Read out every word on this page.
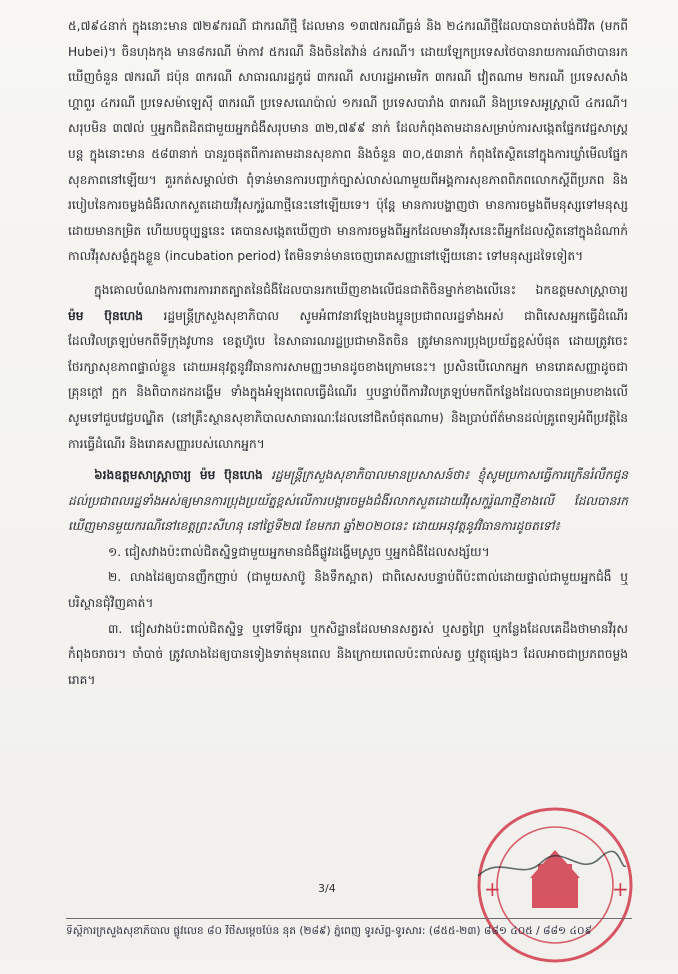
៥,៧៩៤នាក់ ក្នុងនោះមាន ៧២៩ករណី ជាករណីថ្មី ដែលមាន ១៣៧ករណីធ្ងន់ និង ២៤ករណីថ្មីដែលបានបាត់បង់ជីវិត (មកពី Hubei)។ ចិនហុងកុង មាន៨ករណី ម៉ាកាវ ៥ករណី និងចិនតៃវ៉ាន់ ៤ករណី។ ដោយឡែកប្រទេសថៃបានរាយការណ៍ថាបានរកឃើញចំនួន ៧ករណី ជប៉ុន ៣ករណី សាធារណរដ្ឋកូរ៉េ ៣ករណី សហរដ្ឋអាមេរិក ៣ករណី វៀតណាម ២ករណី ប្រទេសសាំងហ្គាពួរ ៤ករណី ប្រទេសម៉ាឡេស៊ី ៣ករណី ប្រទេសណេប៉ាល់ ១ករណី ប្រទេសបារាំង ៣ករណី និងប្រទេសអូស្ត្រាលី ៤ករណី។ សរុបមិន ៣៧ល់ ឬអ្នកជិតដិតជាមួយអ្នកជំងឺសរុបមាន ៣២,៧៩៩ នាក់ ដែលកំពុងតាមដានសម្រាប់ការសង្កេតផ្នែកវេជ្ជសាស្ត្របន្ត ក្នុងនោះមាន ៥៨៣នាក់ បានរួចផុតពីការតាមដានសុខភាព និងចំនួន ៣០,៥៣នាក់ កំពុងតែស្ថិតនៅក្នុងការឃ្លាំមើលផ្នែកសុខភាពនៅឡើយ។ គួរកត់សម្គាល់ថា ពុំទាន់មានការបញ្ជាក់ច្បាស់លាស់ណាមួយពីអង្គការសុខភាពពិភពលោកស្ដីពីប្រភព និងរបៀបនៃការចម្លងជំងឺរលាកសួតដោយវីរុសកូរ៉ូណាថ្មីនេះនៅឡើយទេ។ ប៉ុន្តែ មានការបង្ហាញថា មានការចម្លងពីមនុស្សទៅមនុស្សដោយមានកម្រិត ហើយបច្ចុប្បន្ននេះ គេបានសង្កេតឃើញថា មានការចម្លងពីអ្នកដែលមានវីរុសនេះពីអ្នកដែលស្ថិតនៅក្នុងដំណាក់កាលវីរុសសង្ងំក្នុងខ្លួន (incubation period) តែមិនទាន់មានចេញរោគសញ្ញានៅឡើយនោះ ទៅមនុស្សដទៃទៀត។

ក្នុងគោលបំណងការពារការរាតត្បាតនៃជំងឺដែលបានរកឃើញខាងលើជនជាតិចិនម្នាក់ខាងលើនេះ ឯកឧត្តមសាស្ត្រាចារ្យ ម៉ម ប៊ុនហេង រដ្ឋមន្ត្រីក្រសួងសុខាភិបាល សូមអំពាវនាវឡែងបងប្អូនប្រជាពលរដ្ឋទាំងអស់ ជាពិសេសអ្នកធ្វើដំណើរដែលវិលត្រឡប់មកពីទីក្រុងវូហាន ខេត្តហ៊ូបេ នៃសាធារណរដ្ឋប្រជាមានិតចិន ត្រូវមានការប្រុងប្រយ័ត្នខ្ពស់បំផុត ដោយត្រូវចេះថែរក្សាសុខភាពផ្ទាល់ខ្លួន ដោយអនុវត្តនូវវិធានការសាមញ្ញៗមានដូចខាងក្រោមនេះ។ ប្រសិនបើលោកអ្នក មានរោគសញ្ញាដូចជា គ្រុនក្តៅ ក្អក និងពិបាកដកដង្ហើម ទាំងក្នុងអំឡុងពេលធ្វើដំណើរ ឬបន្ទាប់ពីការវិលត្រឡប់មកពីកន្លែងដែលបានជម្រាបខាងលើ សូមទៅជួបវេជ្ជបណ្ឌិត (នៅគ្រឹះស្ថានសុខាភិបាលសាធារណៈដែលនៅជិតបំផុតណាម) និងប្រាប់ព័ត៌មានដល់គ្រូពេទ្យអំពីប្រវត្តិនៃការធ្វើដំណើរ និងរោគសញ្ញារបស់លោកអ្នក។

៦រងឧត្តមសាស្ត្រាចារ្យ ម៉ម ប៊ុនហេង រដ្ឋមន្ត្រីក្រសួងសុខាភិបាលមានប្រសាសន៍ថា៖ ខ្ញុំសូមប្រកាសធ្វើការក្រើនរំលឹកជូនដល់ប្រជាពលរដ្ឋទាំងអស់ឲ្យមានការប្រុងប្រយ័ត្នខ្ពស់លើការបង្ការចម្លងជំងឺរលាកសួតដោយវីរុសកូរ៉ូណាថ្មីខាងលើ ដែលបានរកឃើញមានមួយករណីនៅខេត្តព្រះសីហនុ នៅថ្ងៃទី២៧ ខែមករា ឆ្នាំ២០២០នេះ ដោយអនុវត្តនូវវិធានការដូចតទៅ៖

១. ជៀសវាងប៉ះពាល់ជិតស្និទ្ធជាមួយអ្នកមានជំងឺផ្លូវដង្ហើមស្រួច ឬអ្នកជំងឺដែលសង្ស័យ។

២. លាងដៃឲ្យបានញឹកញាប់ (ជាមួយសាប៊ូ និងទឹកស្អាត) ជាពិសេសបន្ទាប់ពីប៉ះពាល់ដោយផ្ទាល់ជាមួយអ្នកជំងឺ ឬបរិស្ថានជុំវិញគាត់។

៣. ជៀសវាងប៉ះពាល់ជិតស្និទ្ធ ឬទៅទីផ្សារ ឬកសិដ្ឋានដែលមានសត្វរស់ ឬសត្វព្រៃ ឬកន្លែងដែលគេដឹងថាមានវីរុសកំពុងចរាចរ។ ចាំបាច់ ត្រូវលាងដៃឲ្យបានទៀងទាត់មុនពេល និងក្រោយពេលប៉ះពាល់សត្វ ឬវត្ថុផ្សេងៗ ដែលអាចជាប្រភពចម្លងរោគ។

+	+
3/4
ទីស្តីការក្រសួងសុខាភិបាល​ ផ្លូវលេខ ៨០ វិថីសម្តេចប៉ែន នុត (២៨៩) ភ្នំពេញ ទូរស័ព្ទ-ទូរសារ: (៨៥៥-២៣) ៨៨១ ៤០៥ / ៨៨១ ៤០៩
